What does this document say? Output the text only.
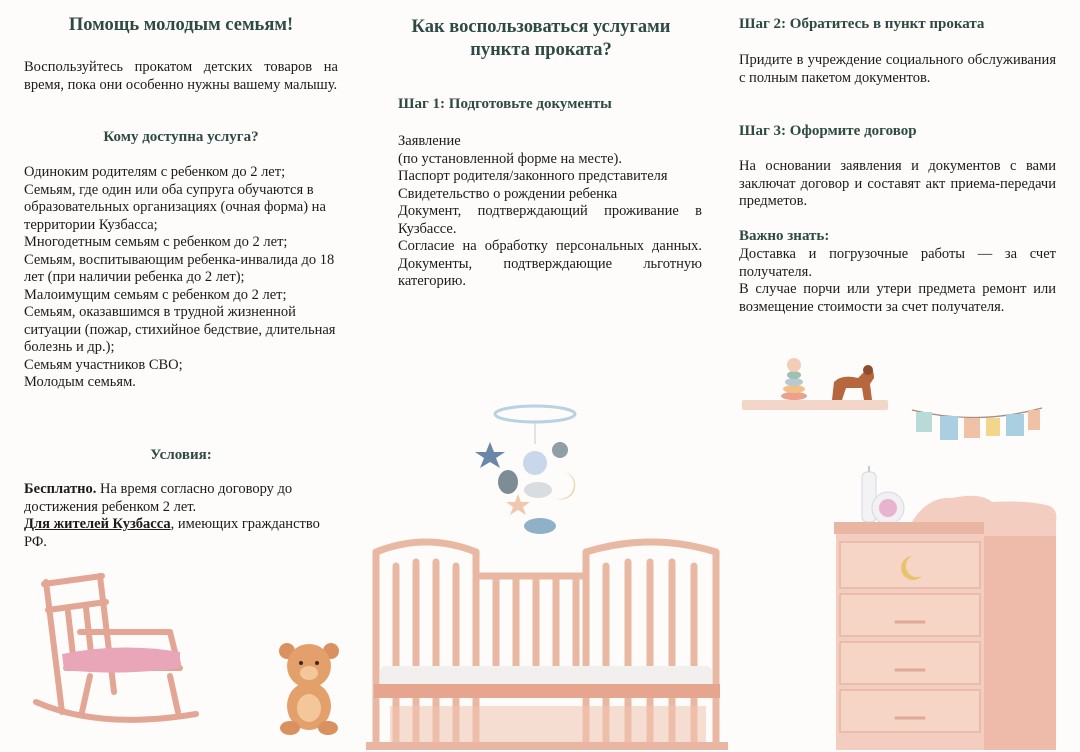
Помощь молодым семьям!
Воспользуйтесь прокатом детских товаров на время, пока они особенно нужны вашему малышу.
Кому доступна услуга?

Одиноким родителям с ребенком до 2 лет;

Семьям, где один или оба супруга обучаются в образовательных организациях (очная форма) на территории Кузбасса;

Многодетным семьям с ребенком до 2 лет;

Семьям, воспитывающим ребенка-инвалида до 18 лет (при наличии ребенка до 2 лет);

Малоимущим семьям с ребенком до 2 лет;

Семьям, оказавшимся в трудной жизненной ситуации (пожар, стихийное бедствие, длительная болезнь и др.);

Семьям участников СВО;

Молодым семьям.

Условия:

Бесплатно. На время согласно договору до достижения ребенком 2 лет.

Для жителей Кузбасса, имеющих гражданство РФ.

Как воспользоваться услугами пункта проката?
Шаг 1: Подготовьте документы

Заявление

(по установленной форме на месте).

Паспорт родителя/законного представителя

Свидетельство о рождении ребенка

Документ, подтверждающий проживание в Кузбассе.

Согласие на обработку персональных данных. Документы, подтверждающие льготную категорию.

Шаг 2: Обратитесь в пункт проката
Придите в учреждение социального обслуживания с полным пакетом документов.
Шаг 3: Оформите договор
На основании заявления и документов с вами заключат договор и составят акт приема-передачи предметов.
Важно знать:

Доставка и погрузочные работы — за счет получателя.

В случае порчи или утери предмета ремонт или возмещение стоимости за счет получателя.
